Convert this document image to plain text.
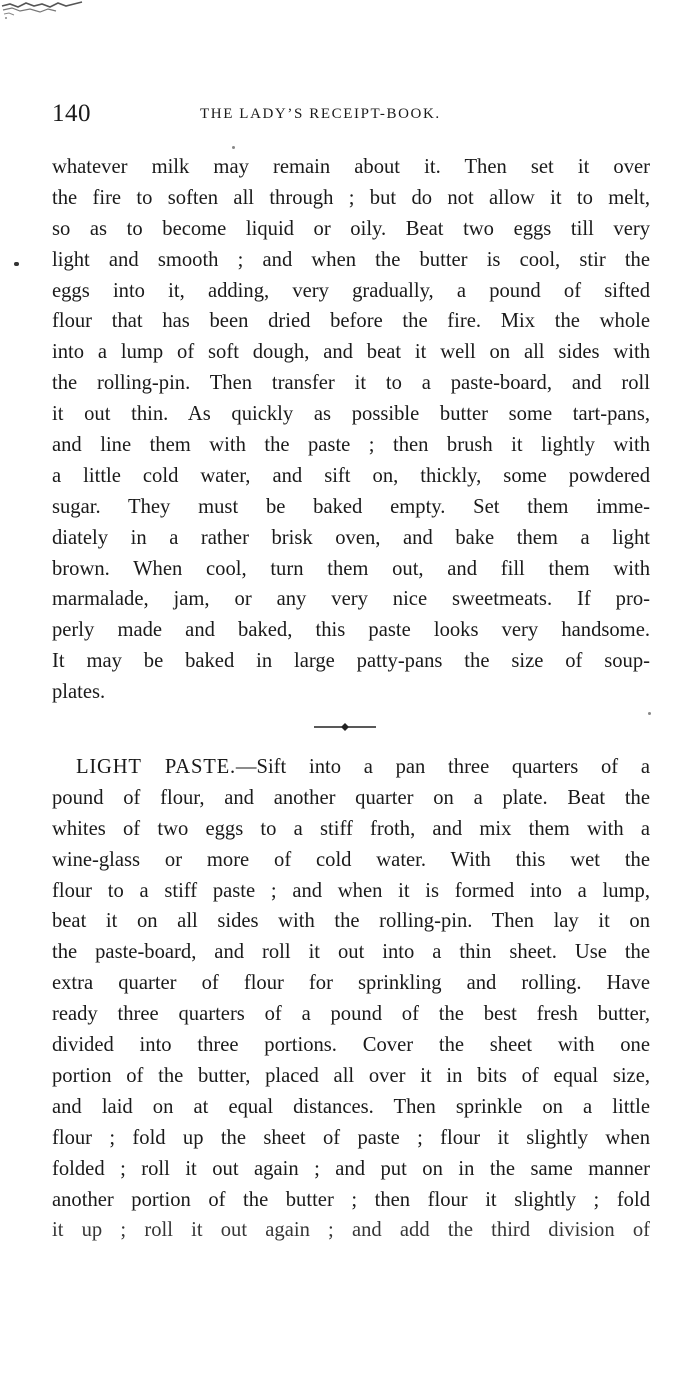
140	THE LADY’S RECEIPT-BOOK.
whatever milk may remain about it. Then set it over
the fire to soften all through ; but do not allow it to melt,
so as to become liquid or oily. Beat two eggs till very
light and smooth ; and when the butter is cool, stir the
eggs into it, adding, very gradually, a pound of sifted
flour that has been dried before the fire. Mix the whole
into a lump of soft dough, and beat it well on all sides with
the rolling-pin. Then transfer it to a paste-board, and roll
it out thin. As quickly as possible butter some tart-pans,
and line them with the paste ; then brush it lightly with
a little cold water, and sift on, thickly, some powdered
sugar. They must be baked empty. Set them imme-
diately in a rather brisk oven, and bake them a light
brown. When cool, turn them out, and fill them with
marmalade, jam, or any very nice sweetmeats. If pro-
perly made and baked, this paste looks very handsome.
It may be baked in large patty-pans the size of soup-
plates.
LIGHT PASTE.—Sift into a pan three quarters of a
pound of flour, and another quarter on a plate. Beat the
whites of two eggs to a stiff froth, and mix them with a
wine-glass or more of cold water. With this wet the
flour to a stiff paste ; and when it is formed into a lump,
beat it on all sides with the rolling-pin. Then lay it on
the paste-board, and roll it out into a thin sheet. Use the
extra quarter of flour for sprinkling and rolling. Have
ready three quarters of a pound of the best fresh butter,
divided into three portions. Cover the sheet with one
portion of the butter, placed all over it in bits of equal size,
and laid on at equal distances. Then sprinkle on a little
flour ; fold up the sheet of paste ; flour it slightly when
folded ; roll it out again ; and put on in the same manner
another portion of the butter ; then flour it slightly ; fold
it up ; roll it out again ; and add the third division of
